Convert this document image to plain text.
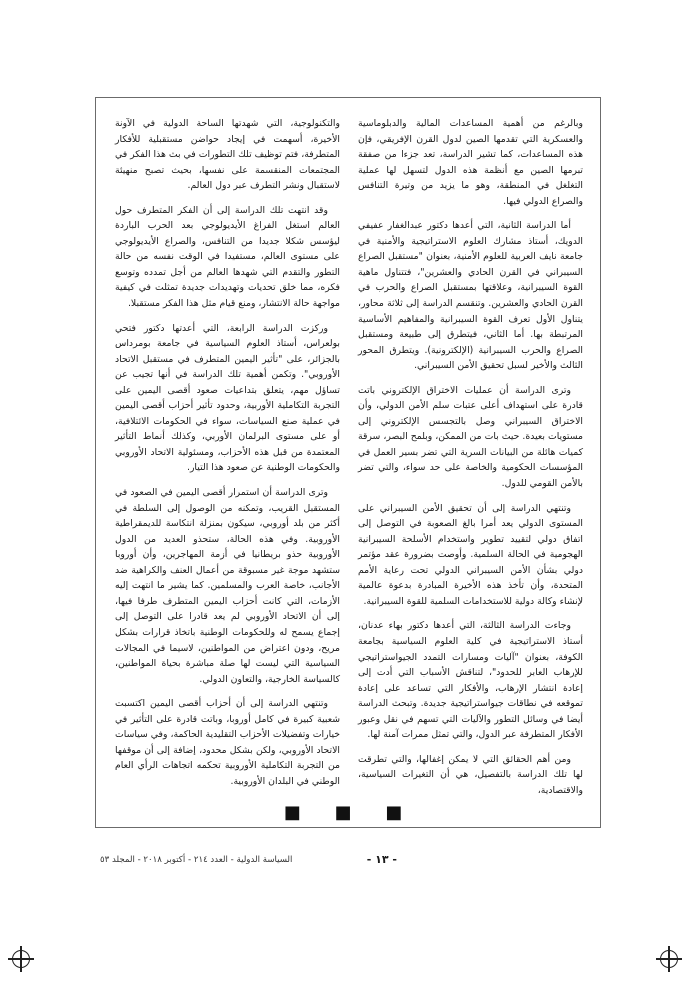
وبالرغم من أهمية المساعدات المالية والدبلوماسية والعسكرية التي تقدمها الصين لدول القرن الإفريقي، فإن هذه المساعدات، كما تشير الدراسة، تعد جزءا من صفقة تبرمها الصين مع أنظمة هذه الدول لتسهل لها عملية التغلغل في المنطقة، وهو ما يزيد من وتيرة التنافس والصراع الدولي فيها.

أما الدراسة الثانية، التي أعدها دكتور عبدالغفار عفيفي الدويك، أستاذ مشارك العلوم الاستراتيجية والأمنية في جامعة نايف العربية للعلوم الأمنية، بعنوان "مستقبل الصراع السيبراني في القرن الحادي والعشرين"، فتتناول ماهية القوة السيبرانية، وعلاقتها بمستقبل الصراع والحرب في القرن الحادي والعشرين. وتنقسم الدراسة إلى ثلاثة محاور، يتناول الأول تعرف القوة السيبرانية والمفاهيم الأساسية المرتبطة بها. أما الثاني، فيتطرق إلى طبيعة ومستقبل الصراع والحرب السيبرانية (الإلكترونية). ويتطرق المحور الثالث والأخير لسبل تحقيق الأمن السيبراني.

وترى الدراسة أن عمليات الاختراق الإلكتروني باتت قادرة على استهداف أعلى عتبات سلم الأمن الدولي، وأن الاختراق السيبراني وصل بالتجسس الإلكتروني إلى مستويات بعيدة. حيث بات من الممكن، وبلمح البصر، سرقة كميات هائلة من البيانات السرية التي تضر بسير العمل في المؤسسات الحكومية والخاصة على حد سواء، والتي تضر بالأمن القومي للدول.

وتنتهي الدراسة إلى أن تحقيق الأمن السيبراني على المستوى الدولي يعد أمرا بالغ الصعوبة في التوصل إلى اتفاق دولي لتقييد تطوير واستخدام الأسلحة السيبرانية الهجومية في الحالة السلمية. وأوصت بضرورة عقد مؤتمر دولي بشأن الأمن السيبراني الدولي تحت رعاية الأمم المتحدة، وأن تأخذ هذه الأخيرة المبادرة بدعوة عالمية لإنشاء وكالة دولية للاستخدامات السلمية للقوة السيبرانية.

وجاءت الدراسة الثالثة، التي أعدها دكتور بهاء عدنان، أستاذ الاستراتيجية في كلية العلوم السياسية بجامعة الكوفة، بعنوان "آليات ومسارات التمدد الجيواستراتيجي للإرهاب العابر للحدود"، لتناقش الأسباب التي أدت إلى إعادة انتشار الإرهاب، والأفكار التي تساعد على إعادة تموقعه في نطاقات جيواستراتيجية جديدة. وتبحث الدراسة أيضا في وسائل التطور والآليات التي تسهم في نقل وعبور الأفكار المتطرفة عبر الدول، والتي تمثل ممرات آمنة لها.

ومن أهم الحقائق التي لا يمكن إغفالها، والتي تطرقت لها تلك الدراسة بالتفصيل، هي أن التغيرات السياسية، والاقتصادية،

والتكنولوجية، التي شهدتها الساحة الدولية في الآونة الأخيرة، أسهمت في إيجاد حواضن مستقبلية للأفكار المتطرفة، فتم توظيف تلك التطورات في بث هذا الفكر في المجتمعات المنقسمة على نفسها، بحيث تصبح منهيئة لاستقبال ونشر التطرف عبر دول العالم.

وقد انتهت تلك الدراسة إلى أن الفكر المتطرف حول العالم استغل الفراغ الأيديولوجي بعد الحرب الباردة ليؤسس شكلا جديدا من التنافس، والصراع الأيديولوجي على مستوى العالم، مستفيدا في الوقت نفسه من حالة التطور والتقدم التي شهدها العالم من أجل تمدده وتوسع فكره، مما خلق تحديات وتهديدات جديدة تمثلت في كيفية مواجهة حالة الانتشار، ومنع قيام مثل هذا الفكر مستقبلا.

وركزت الدراسة الرابعة، التي أعدتها دكتور فتحي بولعراس، أستاذ العلوم السياسية في جامعة بومرداس بالجزائر، على "تأثير اليمين المتطرف في مستقبل الاتحاد الأوروبي". وتكمن أهمية تلك الدراسة في أنها تجيب عن تساؤل مهم، يتعلق بتداعيات صعود أقصى اليمين على التجربة التكاملية الأوربية، وحدود تأثير أحزاب أقصى اليمين في عملية صنع السياسات، سواء في الحكومات الائتلافية، أو على مستوى البرلمان الأوربي، وكذلك أنماط التأثير المعتمدة من قبل هذه الأحزاب، ومسئولية الاتحاد الأوروبي والحكومات الوطنية عن صعود هذا التيار.

وترى الدراسة أن استمرار أقصى اليمين في الصعود في المستقبل القريب، وتمكنه من الوصول إلى السلطة في أكثر من بلد أوروبي، سيكون بمنزلة انتكاسة للديمقراطية الأوروبية. وفي هذه الحالة، ستحذو العديد من الدول الأوروبية حذو بريطانيا في أزمة المهاجرين، وأن أوروبا ستشهد موجة غير مسبوقة من أعمال العنف والكراهية ضد الأجانب، خاصة العرب والمسلمين. كما يشير ما انتهت إليه الأزمات، التي كانت أحزاب اليمين المتطرف طرفا فيها، إلى أن الاتحاد الأوروبي لم يعد قادرا على التوصل إلى إجماع يسمح له وللحكومات الوطنية باتخاذ قرارات بشكل مريح، ودون اعتراض من المواطنين، لاسيما في المجالات السياسية التي ليست لها صلة مباشرة بحياة المواطنين، كالسياسة الخارجية، والتعاون الدولي.

وتنتهي الدراسة إلى أن أحزاب أقصى اليمين اكتسبت شعبية كبيرة في كامل أوروبا، وباتت قادرة على التأثير في خيارات وتفضيلات الأحزاب التقليدية الحاكمة، وفي سياسات الاتحاد الأوروبي، ولكن بشكل محدود، إضافة إلى أن موقفها من التجربة التكاملية الأوروبية تحكمه اتجاهات الرأي العام الوطني في البلدان الأوروبية.

■ ■ ■
- ١٣ -
السياسة الدولية - العدد ٢١٤ - أكتوبر ٢٠١٨ - المجلد ٥٣
